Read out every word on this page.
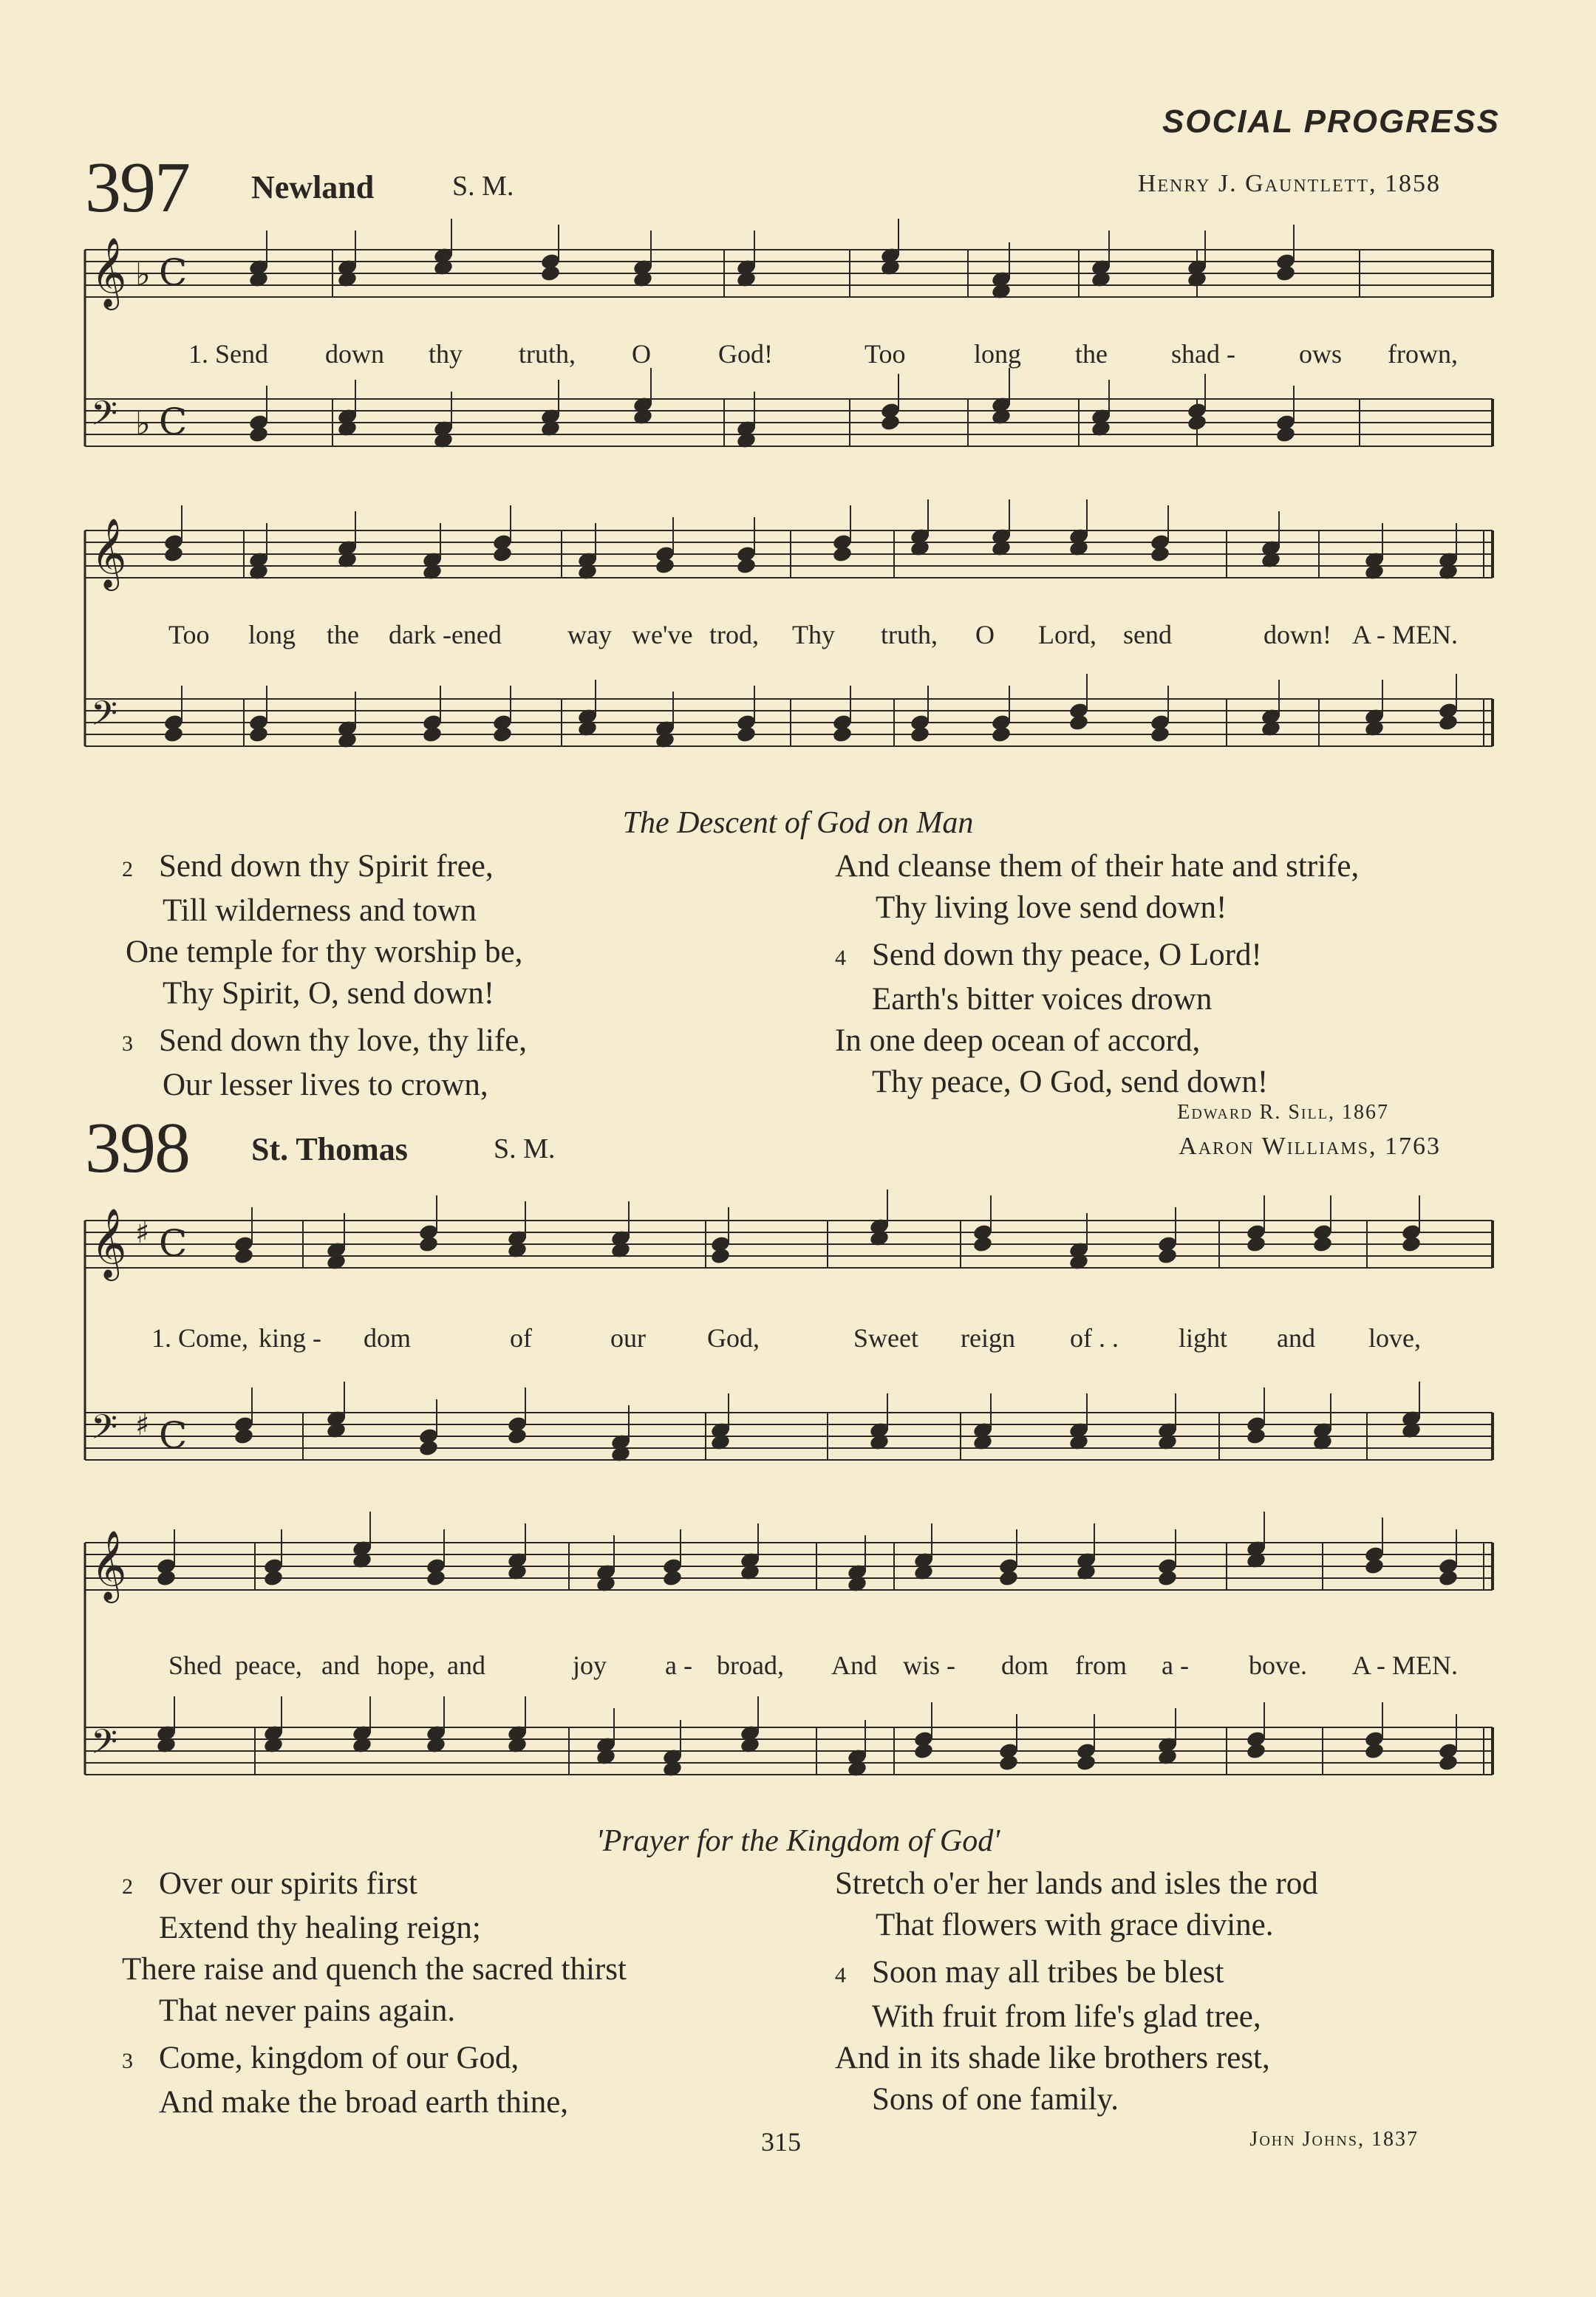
SOCIAL PROGRESS
397 Newland	S. M.	Henry J. Gauntlett, 1858
𝄞
𝄢
♭
♭
C
C
𝄞
𝄢
𝄞
𝄢
♯
♯
C
C
𝄞
𝄢
1. Send down thy truth, O	God!	Too	long the shad - ows frown,
Too long the dark -ened way we've trod, Thy truth, O Lord, send	down! A - MEN.
The Descent of God on Man
2 Send down thy Spirit free,
Till wilderness and town
One temple for thy worship be,
Thy Spirit, O, send down!
3 Send down thy love, thy life,
Our lesser lives to crown,
And cleanse them of their hate and strife,
Thy living love send down!
4 Send down thy peace, O Lord!
Earth's bitter voices drown
In one deep ocean of accord,
Thy peace, O God, send down!
Edward R. Sill, 1867
398 St. Thomas	S. M.	Aaron Williams, 1763
1. Come, king - dom	of	our God,	Sweet reign of . . light and love,
Shed peace, and hope, and	joy a - broad, And wis - dom from a - bove. A - MEN.
'Prayer for the Kingdom of God'
2 Over our spirits first
Extend thy healing reign;
There raise and quench the sacred thirst
That never pains again.
3 Come, kingdom of our God,
And make the broad earth thine,
Stretch o'er her lands and isles the rod
That flowers with grace divine.
4 Soon may all tribes be blest
With fruit from life's glad tree,
And in its shade like brothers rest,
Sons of one family.
315	John Johns, 1837
